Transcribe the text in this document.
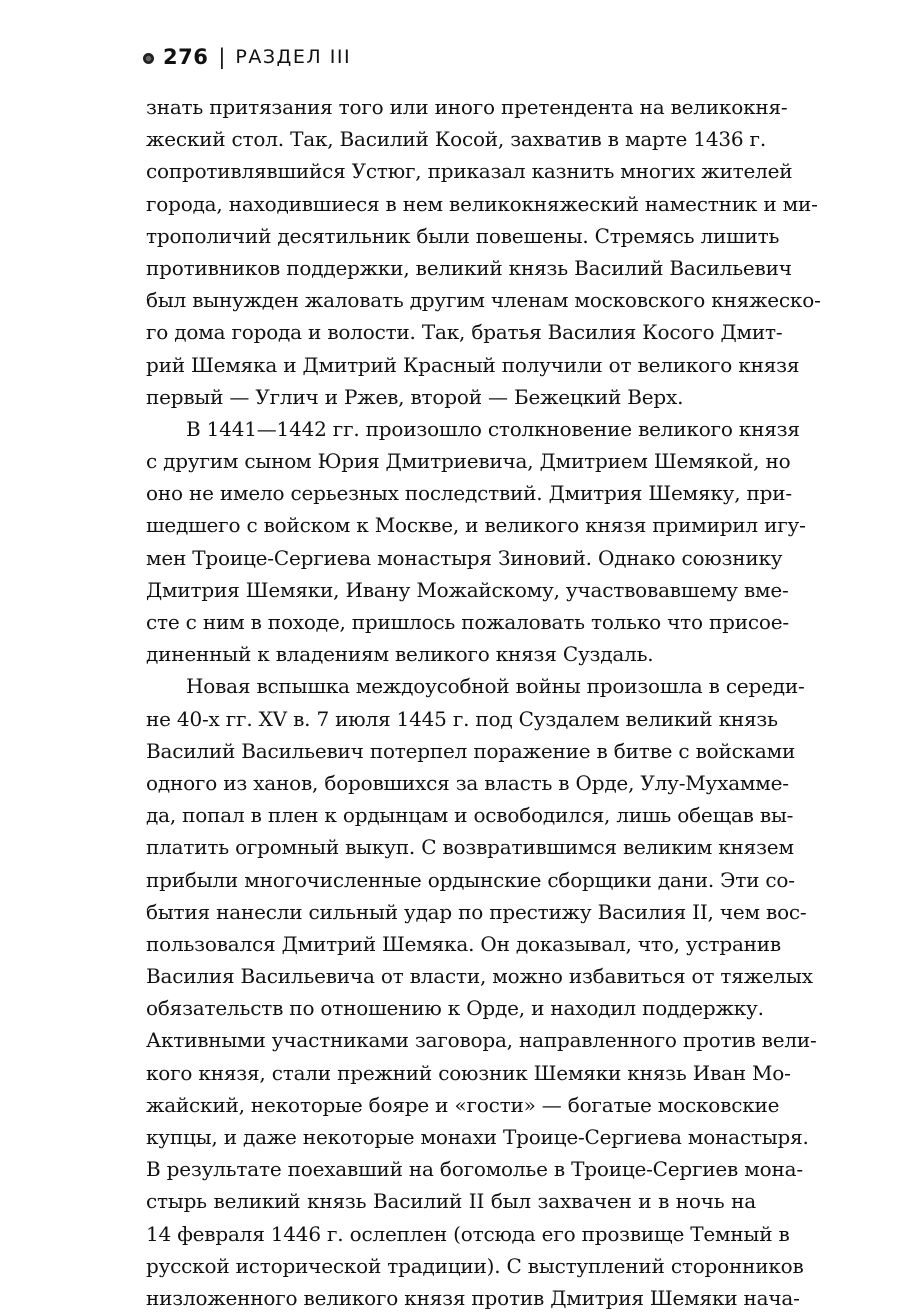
276 | РАЗДЕЛ III
знать притязания того или иного претендента на великокня-
жеский стол. Так, Василий Косой, захватив в марте 1436 г.
сопротивлявшийся Устюг, приказал казнить многих жителей
города, находившиеся в нем великокняжеский наместник и ми-
трополичий десятильник были повешены. Стремясь лишить
противников поддержки, великий князь Василий Васильевич
был вынужден жаловать другим членам московского княжеско-
го дома города и волости. Так, братья Василия Косого Дмит-
рий Шемяка и Дмитрий Красный получили от великого князя
первый — Углич и Ржев, второй — Бежецкий Верх.
В 1441—1442 гг. произошло столкновение великого князя
с другим сыном Юрия Дмитриевича, Дмитрием Шемякой, но
оно не имело серьезных последствий. Дмитрия Шемяку, при-
шедшего с войском к Москве, и великого князя примирил игу-
мен Троице-Сергиева монастыря Зиновий. Однако союзнику
Дмитрия Шемяки, Ивану Можайскому, участвовавшему вме-
сте с ним в походе, пришлось пожаловать только что присое-
диненный к владениям великого князя Суздаль.
Новая вспышка междоусобной войны произошла в середи-
не 40-х гг. XV в. 7 июля 1445 г. под Суздалем великий князь
Василий Васильевич потерпел поражение в битве с войсками
одного из ханов, боровшихся за власть в Орде, Улу-Мухамме-
да, попал в плен к ордынцам и освободился, лишь обещав вы-
платить огромный выкуп. С возвратившимся великим князем
прибыли многочисленные ордынские сборщики дани. Эти со-
бытия нанесли сильный удар по престижу Василия II, чем вос-
пользовался Дмитрий Шемяка. Он доказывал, что, устранив
Василия Васильевича от власти, можно избавиться от тяжелых
обязательств по отношению к Орде, и находил поддержку.
Активными участниками заговора, направленного против вели-
кого князя, стали прежний союзник Шемяки князь Иван Мо-
жайский, некоторые бояре и «гости» — богатые московские
купцы, и даже некоторые монахи Троице-Сергиева монастыря.
В результате поехавший на богомолье в Троице-Сергиев мона-
стырь великий князь Василий II был захвачен и в ночь на
14 февраля 1446 г. ослеплен (отсюда его прозвище Темный в
русской исторической традиции). С выступлений сторонников
низложенного великого князя против Дмитрия Шемяки нача-
